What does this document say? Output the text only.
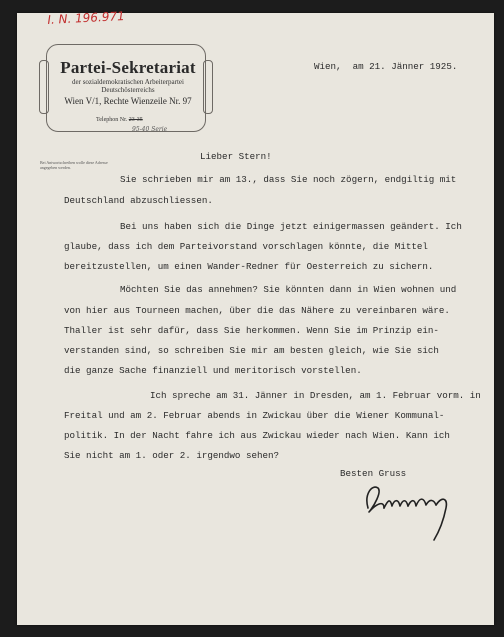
I. N. 196.971
Partei-Sekretariat
der sozialdemokratischen Arbeiterpartei
Deutschösterreichs
Wien V/1, Rechte Wienzeile Nr. 97
Telephon Nr. 23-35
95-40 Serie
Bei Antwortschreiben wolle diese Adresse angegeben werden.
Wien,  am 21. Jänner 1925.
Lieber Stern!
Sie schrieben mir am 13., dass Sie noch zögern, endgiltig mit
Deutschland abzuschliessen.
Bei uns haben sich die Dinge jetzt einigermassen geändert. Ich
glaube, dass ich dem Parteivorstand vorschlagen könnte, die Mittel
bereitzustellen, um einen Wander-Redner für Oesterreich zu sichern.
Möchten Sie das annehmen? Sie könnten dann in Wien wohnen und
von hier aus Tourneen machen, über die das Nähere zu vereinbaren wäre.
Thaller ist sehr dafür, dass Sie herkommen. Wenn Sie im Prinzip ein-
verstanden sind, so schreiben Sie mir am besten gleich, wie Sie sich
die ganze Sache finanziell und meritorisch vorstellen.
Ich spreche am 31. Jänner in Dresden, am 1. Februar vorm. in
Freital und am 2. Februar abends in Zwickau über die Wiener Kommunal-
politik. In der Nacht fahre ich aus Zwickau wieder nach Wien. Kann ich
Sie nicht am 1. oder 2. irgendwo sehen?
Besten Gruss
